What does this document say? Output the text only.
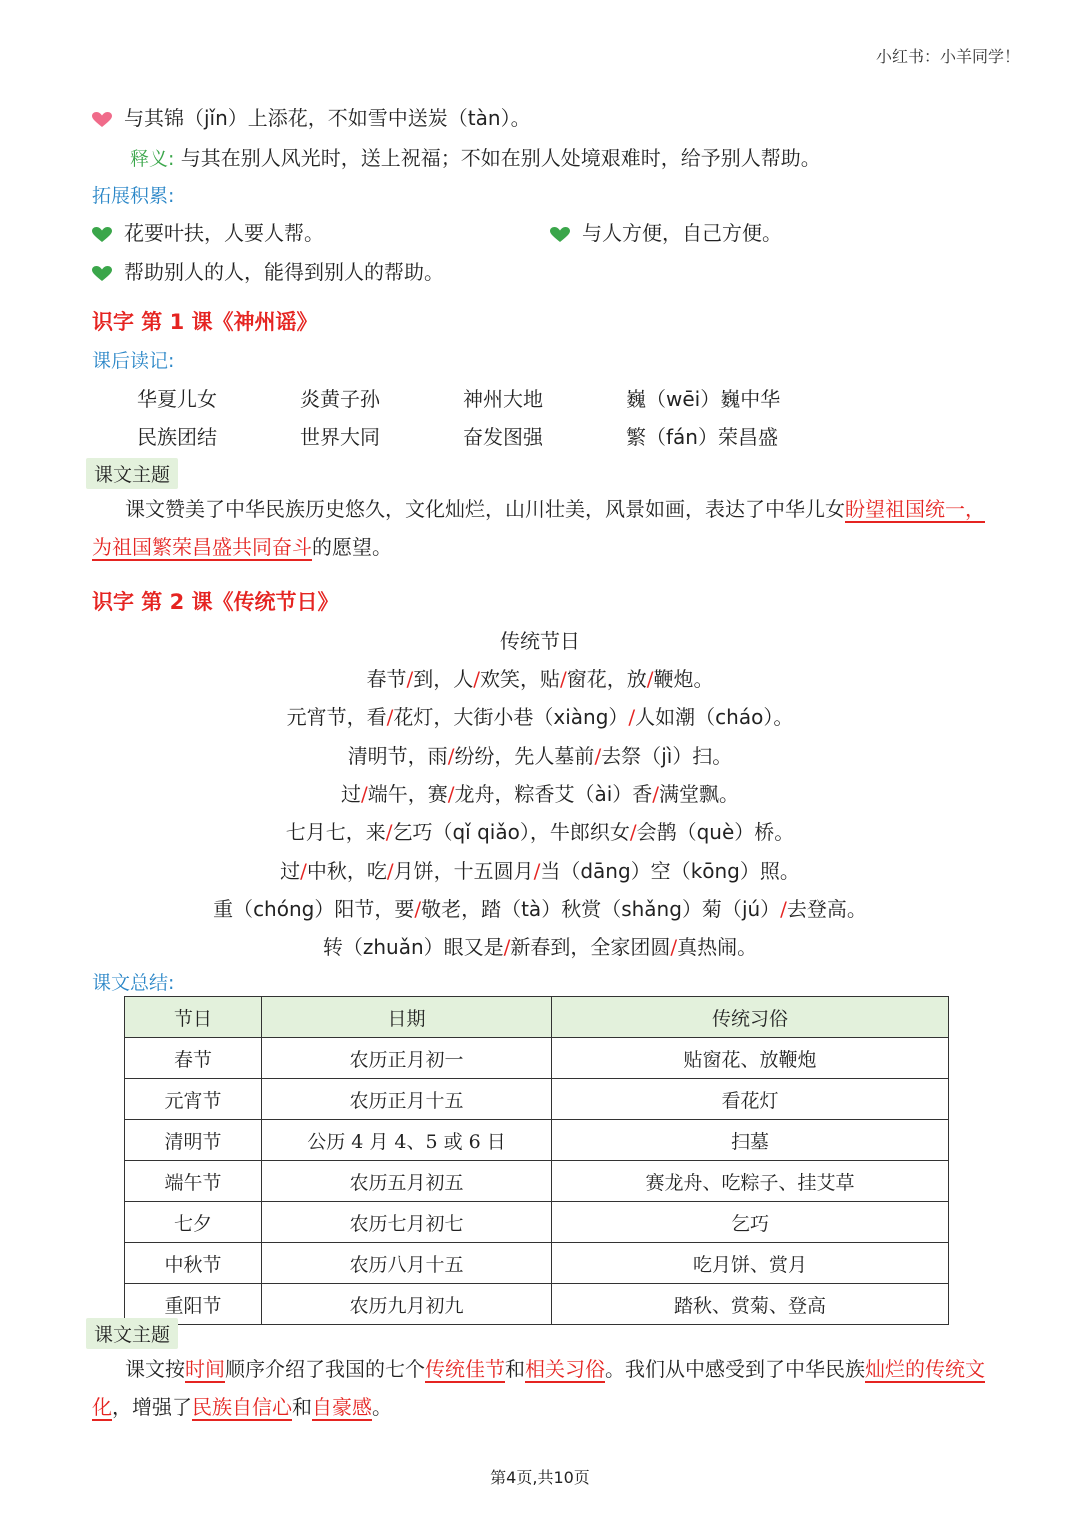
小红书：小羊同学！
与其锦（jǐn）上添花，不如雪中送炭（tàn）。
释义: 与其在别人风光时，送上祝福；不如在别人处境艰难时，给予别人帮助。
拓展积累:
花要叶扶，人要人帮。	与人方便，自己方便。
帮助别人的人，能得到别人的帮助。
识字 第 1 课《神州谣》
课后读记:
华夏儿女	炎黄子孙	神州大地	巍（wēi）巍中华
民族团结	世界大同	奋发图强	繁（fán）荣昌盛
课文主题
课文赞美了中华民族历史悠久，文化灿烂，山川壮美，风景如画，表达了中华儿女盼望祖国统一，为祖国繁荣昌盛共同奋斗的愿望。
识字 第 2 课《传统节日》
传统节日
春节/到，人/欢笑，贴/窗花，放/鞭炮。
元宵节，看/花灯，大街小巷（xiàng）/人如潮（cháo）。
清明节，雨/纷纷，先人墓前/去祭（jì）扫。
过/端午，赛/龙舟，粽香艾（ài）香/满堂飘。
七月七，来/乞巧（qǐ qiǎo），牛郎织女/会鹊（què）桥。
过/中秋，吃/月饼，十五圆月/当（dāng）空（kōng）照。
重（chóng）阳节，要/敬老，踏（tà）秋赏（shǎng）菊（jú）/去登高。
转（zhuǎn）眼又是/新春到，全家团圆/真热闹。
课文总结:
节日	日期	传统习俗
春节	农历正月初一	贴窗花、放鞭炮
元宵节	农历正月十五	看花灯
清明节	公历 4 月 4、5 或 6 日	扫墓
端午节	农历五月初五	赛龙舟、吃粽子、挂艾草
七夕	农历七月初七	乞巧
中秋节	农历八月十五	吃月饼、赏月
重阳节	农历九月初九	踏秋、赏菊、登高
课文主题
课文按时间顺序介绍了我国的七个传统佳节和相关习俗。我们从中感受到了中华民族灿烂的传统文化，增强了民族自信心和自豪感。
第4页,共10页
